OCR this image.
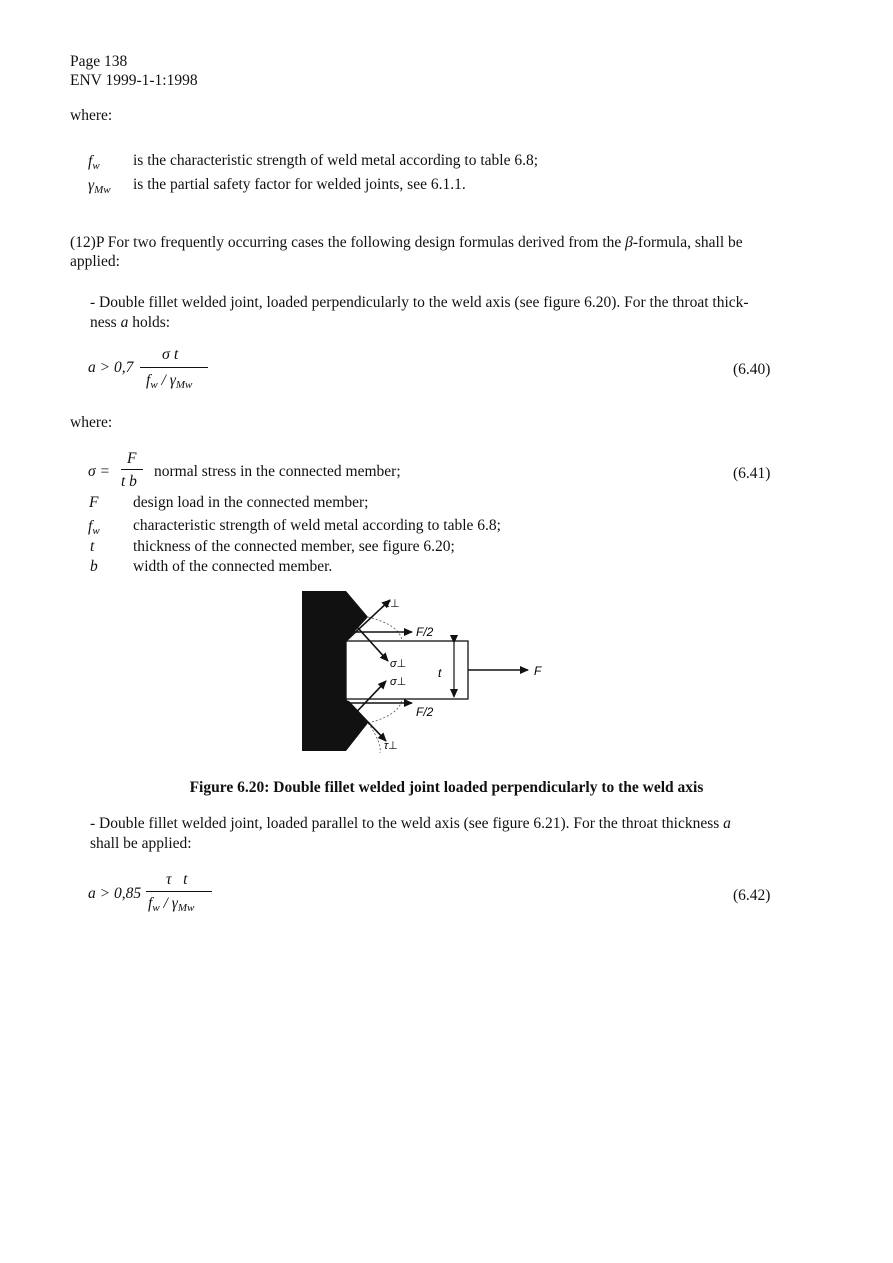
Page 138
ENV 1999-1-1:1998
where:
$f_w$ is the characteristic strength of weld metal according to table 6.8;
$\gamma_{Mw}$ is the partial safety factor for welded joints, see 6.1.1.
(12)P For two frequently occurring cases the following design formulas derived from the β-formula, shall be applied:
- Double fillet welded joint, loaded perpendicularly to the weld axis (see figure 6.20). For the throat thick-
ness a holds:
a > 0,7
σ t
$f_w / \gamma_{Mw}$
(6.40)
where:
σ =
F
t b
normal stress in the connected member;	(6.41)
F design load in the connected member;
$f_w$ characteristic strength of weld metal according to table 6.8;
t thickness of the connected member, see figure 6.20;
b width of the connected member.
τ⊥
F/2
σ⊥
σ⊥
t	F
F/2
τ⊥
Figure 6.20: Double fillet welded joint loaded perpendicularly to the weld axis
- Double fillet welded joint, loaded parallel to the weld axis (see figure 6.21). For the throat thickness a
shall be applied:
a > 0,85
τ   t
$f_w / \gamma_{Mw}$
(6.42)
